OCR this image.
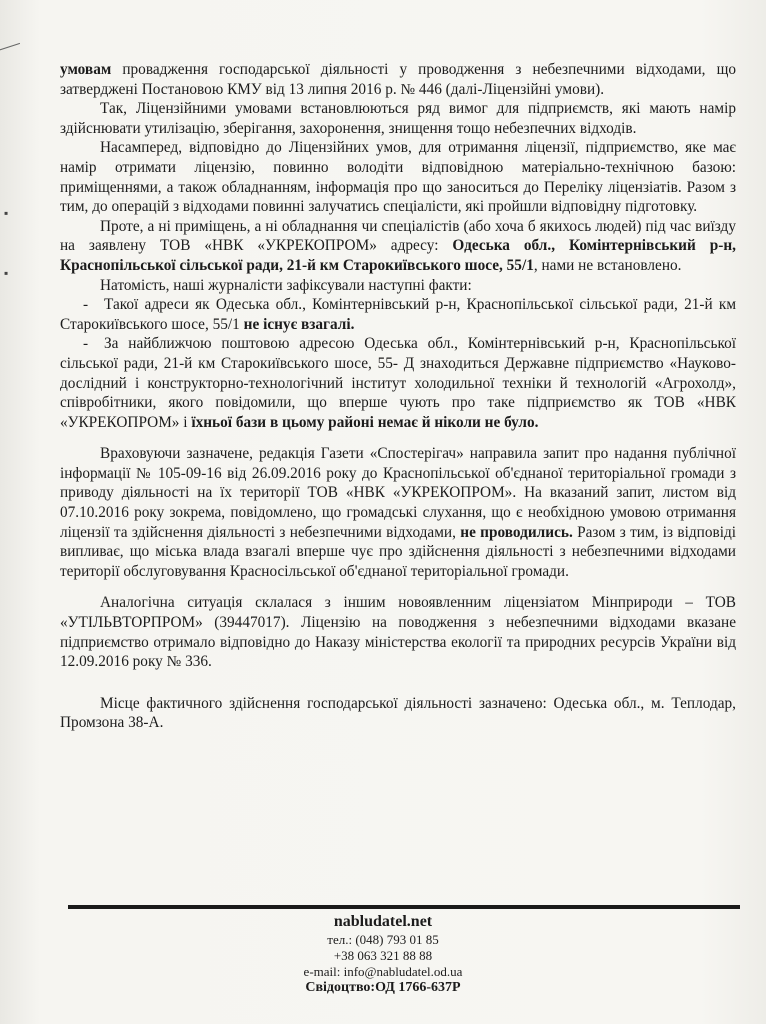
▪
▪

умовам провадження господарської діяльності у проводження з небезпечними відходами, що затверджені Постановою КМУ від 13 липня 2016 р. № 446 (далі-Ліцензійні умови).

Так, Ліцензійними умовами встановлюються ряд вимог для підприємств, які мають намір здійснювати утилізацію, зберігання, захоронення, знищення тощо небезпечних відходів.

Насамперед, відповідно до Ліцензійних умов, для отримання ліцензії, підприємство, яке має намір отримати ліцензію, повинно володіти відповідною матеріально-технічною базою: приміщеннями, а також обладнанням, інформація про що заноситься до Переліку ліцензіатів. Разом з тим, до операцій з відходами повинні залучатись спеціалісти, які пройшли відповідну підготовку.

Проте, а ні приміщень, а ні обладнання чи спеціалістів (або хоча б якихось людей) під час виїзду на заявлену ТОВ «НВК «УКРЕКОПРОМ» адресу: Одеська обл., Комінтернівський р-н, Краснопільської сільської ради, 21-й км Старокиївського шосе, 55/1, нами не встановлено.

Натомість, наші журналісти зафіксували наступні факти:

- Такої адреси як Одеська обл., Комінтернівський р-н, Краснопільської сільської ради, 21-й км Старокиївського шосе, 55/1 не існує взагалі.

- За найближчою поштовою адресою Одеська обл., Комінтернівський р-н, Краснопільської сільської ради, 21-й км Старокиївського шосе, 55- Д знаходиться Державне підприємство «Науково-дослідний і конструкторно-технологічний інститут холодильної техніки й технологій «Агрохолд», співробітники, якого повідомили, що вперше чують про таке підприємство як ТОВ «НВК «УКРЕКОПРОМ» і їхньої бази в цьому районі немає й ніколи не було.

Враховуючи зазначене, редакція Газети «Спостерігач» направила запит про надання публічної інформації № 105-09-16 від 26.09.2016 року до Краснопільської об'єднаної територіальної громади з приводу діяльності на їх території ТОВ «НВК «УКРЕКОПРОМ». На вказаний запит, листом від 07.10.2016 року зокрема, повідомлено, що громадські слухання, що є необхідною умовою отримання ліцензії та здійснення діяльності з небезпечними відходами, не проводились. Разом з тим, із відповіді випливає, що міська влада взагалі вперше чує про здійснення діяльності з небезпечними відходами території обслуговування Красносільської об'єднаної територіальної громади.

Аналогічна ситуація склалася з іншим новоявленним ліцензіатом Мінприроди – ТОВ «УТІЛЬВТОРПРОМ» (39447017). Ліцензію на поводження з небезпечними відходами вказане підприємство отримало відповідно до Наказу міністерства екології та природних ресурсів України від 12.09.2016 року № 336.

Місце фактичного здійснення господарської діяльності зазначено: Одеська обл., м. Теплодар, Промзона 38-А.

nabludatel.net
тел.: (048) 793 01 85
+38 063 321 88 88
e-mail: info@nabludatel.od.ua
Свідоцтво:ОД 1766-637Р
